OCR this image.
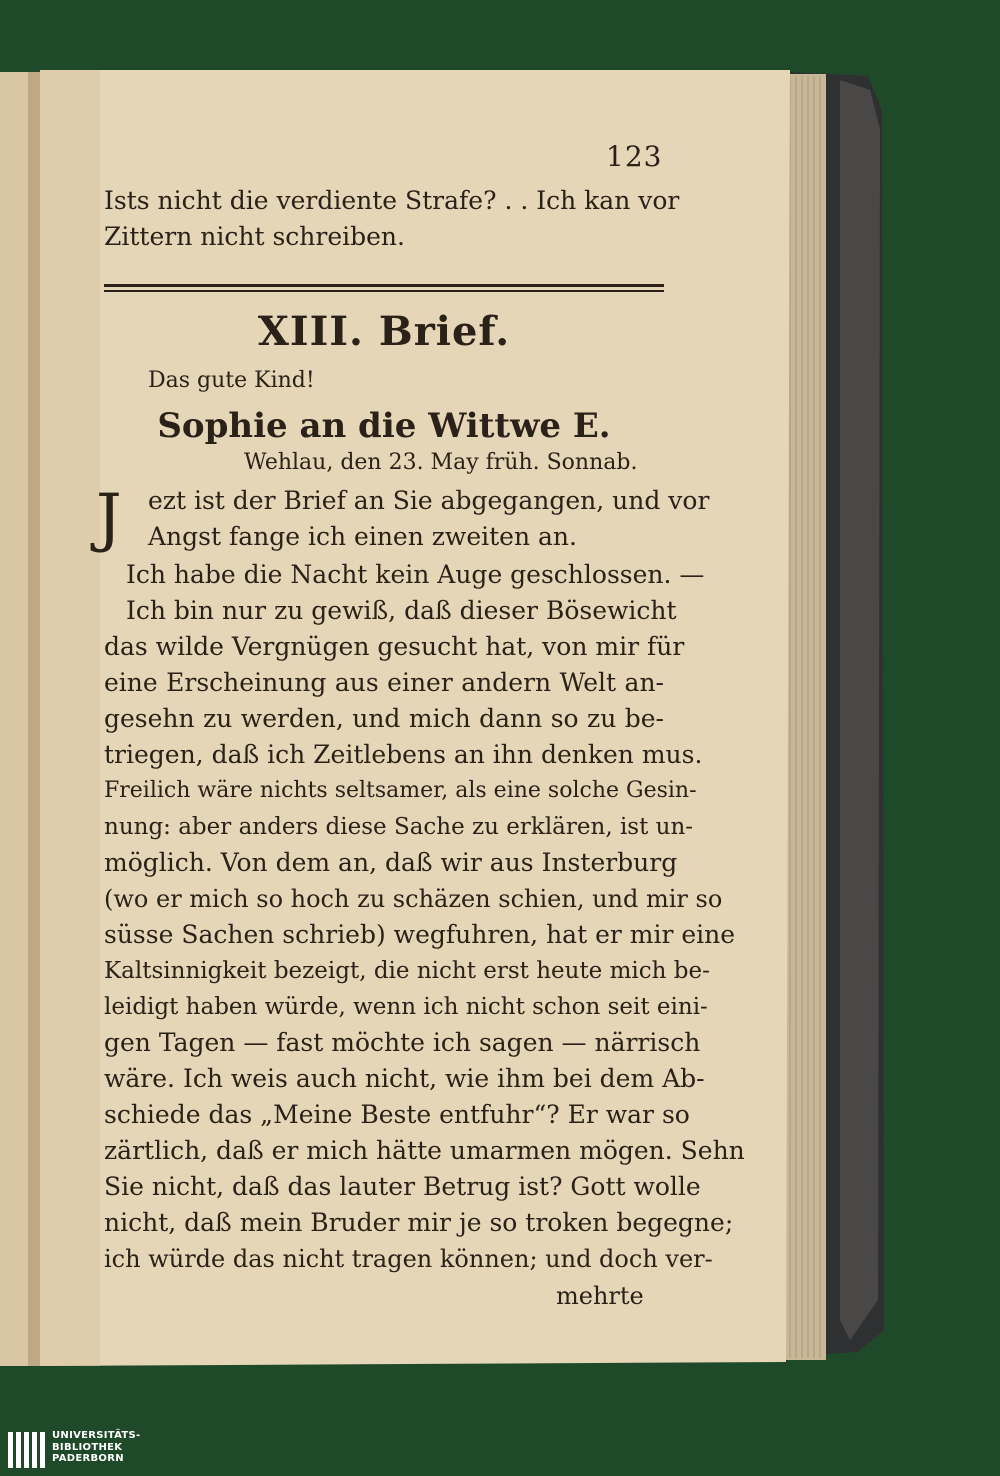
123
Ists nicht die verdiente Strafe? . . Ich kan vor
Zittern nicht schreiben.
XIII. Brief.
Das gute Kind!
Sophie an die Wittwe E.
Wehlau, den 23. May früh. Sonnab.
J ezt ist der Brief an Sie abgegangen, und vor
Angst fange ich einen zweiten an.
Ich habe die Nacht kein Auge geschlossen. —
Ich bin nur zu gewiß, daß dieser Bösewicht
das wilde Vergnügen gesucht hat, von mir für
eine Erscheinung aus einer andern Welt an-
gesehn zu werden, und mich dann so zu be-
triegen, daß ich Zeitlebens an ihn denken mus.
Freilich wäre nichts seltsamer, als eine solche Gesin-
nung: aber anders diese Sache zu erklären, ist un-
möglich. Von dem an, daß wir aus Insterburg
(wo er mich so hoch zu schäzen schien, und mir so
süsse Sachen schrieb) wegfuhren, hat er mir eine
Kaltsinnigkeit bezeigt, die nicht erst heute mich be-
leidigt haben würde, wenn ich nicht schon seit eini-
gen Tagen — fast möchte ich sagen — närrisch
wäre. Ich weis auch nicht, wie ihm bei dem Ab-
schiede das „Meine Beste entfuhr“? Er war so
zärtlich, daß er mich hätte umarmen mögen. Sehn
Sie nicht, daß das lauter Betrug ist? Gott wolle
nicht, daß mein Bruder mir je so troken begegne;
ich würde das nicht tragen können; und doch ver-
mehrte
UNIVERSITÄTS-
BIBLIOTHEK
PADERBORN
